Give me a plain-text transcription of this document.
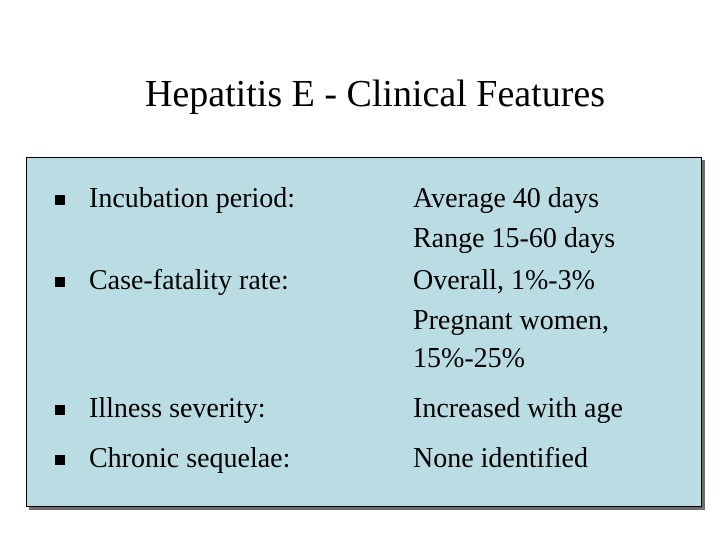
Hepatitis E - Clinical Features
Incubation period:	Average 40 days
Range 15-60 days
Case-fatality rate:	Overall, 1%-3%
Pregnant women,
15%-25%
Illness severity:	Increased with age
Chronic sequelae:	None identified
